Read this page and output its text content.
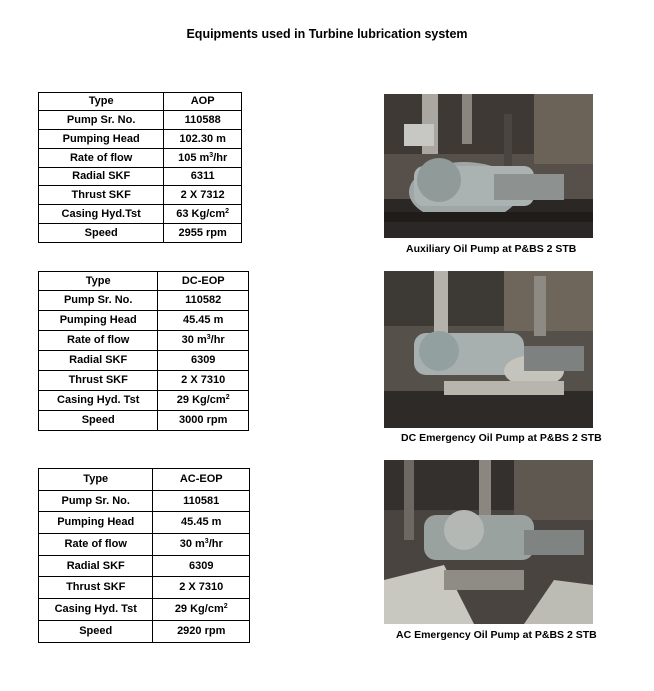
Equipments used in Turbine lubrication system
Type	AOP
Pump Sr. No.	110588
Pumping Head	102.30 m
Rate of flow	105 $m^3/hr$
Radial SKF	6311
Thrust SKF	2 X 7312
Casing Hyd.Tst	63 $Kg/cm^2$
Speed	2955 rpm
Type	DC-EOP
Pump Sr. No.	110582
Pumping Head	45.45 m
Rate of flow	30 $m^3/hr$
Radial SKF	6309
Thrust SKF	2 X 7310
Casing Hyd. Tst	29 $Kg/cm^2$
Speed	3000 rpm
Type	AC-EOP
Pump Sr. No.	110581
Pumping Head	45.45 m
Rate of flow	30 $m^3/hr$
Radial SKF	6309
Thrust SKF	2 X 7310
Casing Hyd. Tst	29 $Kg/cm^2$
Speed	2920 rpm
Auxiliary Oil Pump at P&BS 2 STB
DC Emergency Oil Pump at P&BS 2 STB
AC Emergency Oil Pump at P&BS 2 STB
